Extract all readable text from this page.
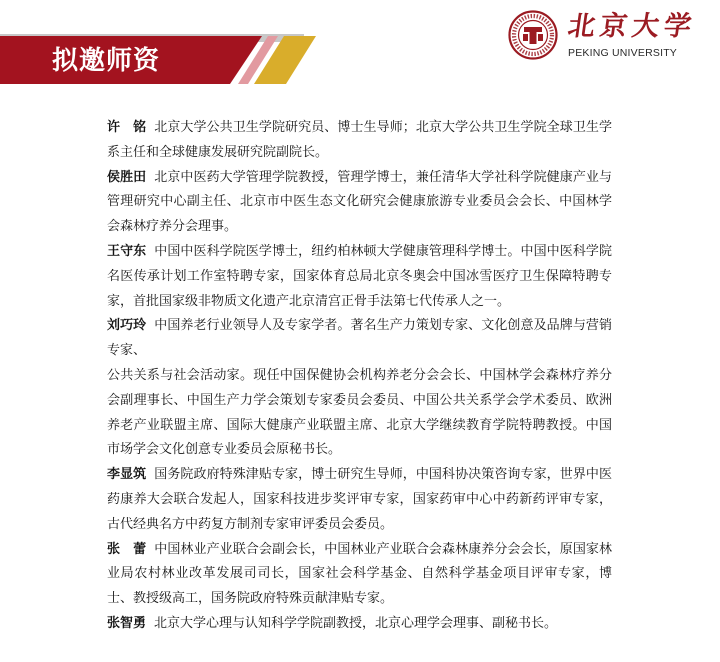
拟邀师资
北京大学
PEKING UNIVERSITY

许　铭 北京大学公共卫生学院研究员、博士生导师；北京大学公共卫生学院全球卫生学系主任和全球健康发展研究院副院长。

侯胜田 北京中医药大学管理学院教授，管理学博士，兼任清华大学社科学院健康产业与管理研究中心副主任、北京市中医生态文化研究会健康旅游专业委员会会长、中国林学会森林疗养分会理事。

王守东 中国中医科学院医学博士，纽约柏林顿大学健康管理科学博士。中国中医科学院名医传承计划工作室特聘专家，国家体育总局北京冬奥会中国冰雪医疗卫生保障特聘专家，首批国家级非物质文化遗产北京清宫正骨手法第七代传承人之一。

刘巧玲 中国养老行业领导人及专家学者。著名生产力策划专家、文化创意及品牌与营销专家、

公共关系与社会活动家。现任中国保健协会机构养老分会会长、中国林学会森林疗养分会副理事长、中国生产力学会策划专家委员会委员、中国公共关系学会学术委员、欧洲养老产业联盟主席、国际大健康产业联盟主席、北京大学继续教育学院特聘教授。中国市场学会文化创意专业委员会原秘书长。

李显筑 国务院政府特殊津贴专家，博士研究生导师，中国科协决策咨询专家，世界中医药康养大会联合发起人，国家科技进步奖评审专家，国家药审中心中药新药评审专家，古代经典名方中药复方制剂专家审评委员会委员。

张　蕾 中国林业产业联合会副会长，中国林业产业联合会森林康养分会会长，原国家林业局农村林业改革发展司司长，国家社会科学基金、自然科学基金项目评审专家，博士、教授级高工，国务院政府特殊贡献津贴专家。

张智勇 北京大学心理与认知科学学院副教授，北京心理学会理事、副秘书长。
